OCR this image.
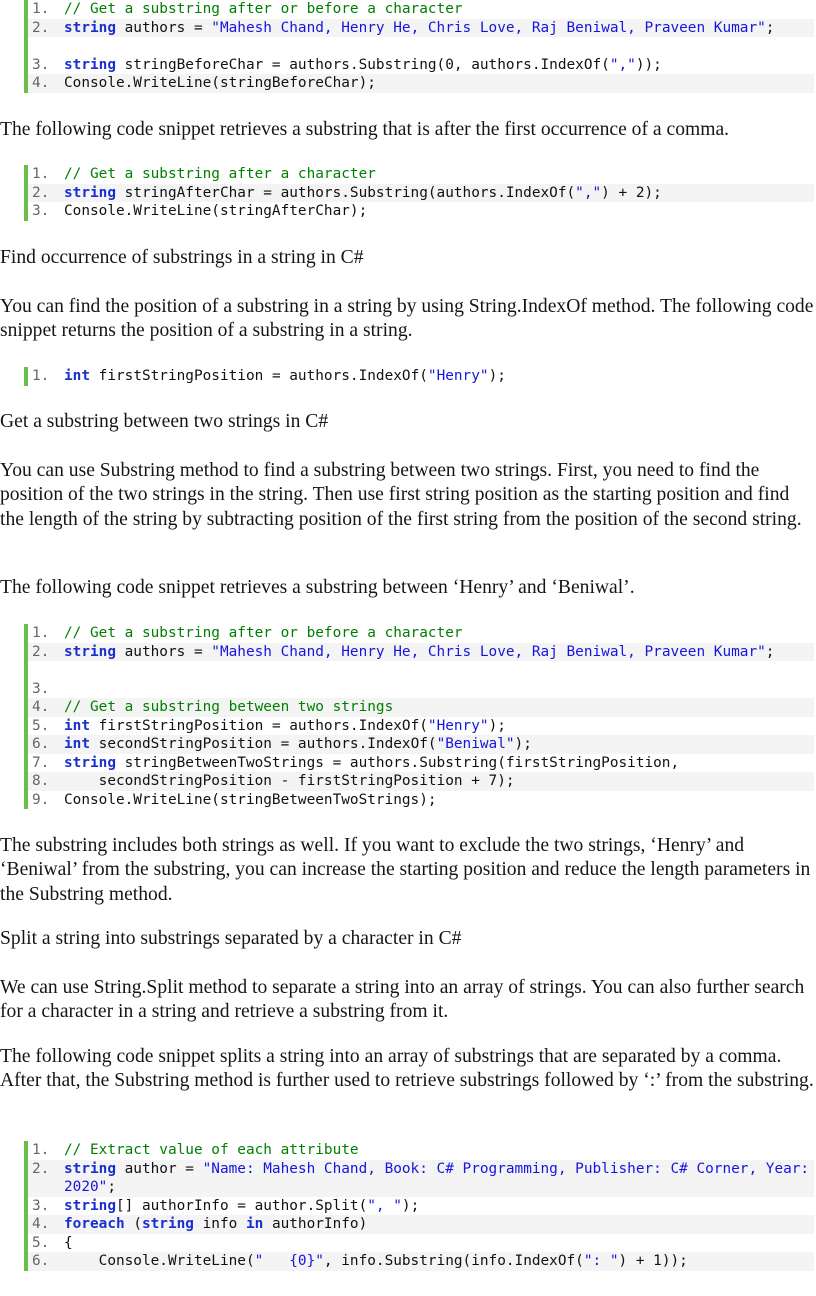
1.	// Get a substring after or before a character
2.	string authors = "Mahesh Chand, Henry He, Chris Love, Raj Beniwal, Praveen Kumar";
3.	string stringBeforeChar = authors.Substring(0, authors.IndexOf(","));
4.	Console.WriteLine(stringBeforeChar);

The following code snippet retrieves a substring that is after the first occurrence of a comma.

1.	// Get a substring after a character
2.	string stringAfterChar = authors.Substring(authors.IndexOf(",") + 2);
3.	Console.WriteLine(stringAfterChar);

Find occurrence of substrings in a string in C#

You can find the position of a substring in a string by using String.IndexOf method. The following code snippet returns the position of a substring in a string.

1.	int firstStringPosition = authors.IndexOf("Henry");

Get a substring between two strings in C#

You can use Substring method to find a substring between two strings. First, you need to find the position of the two strings in the string. Then use first string position as the starting position and find the length of the string by subtracting position of the first string from the position of the second string.

The following code snippet retrieves a substring between ‘Henry’ and ‘Beniwal’.

1.	// Get a substring after or before a character
2.	string authors = "Mahesh Chand, Henry He, Chris Love, Raj Beniwal, Praveen Kumar";
3.
4.	// Get a substring between two strings
5.	int firstStringPosition = authors.IndexOf("Henry");
6.	int secondStringPosition = authors.IndexOf("Beniwal");
7.	string stringBetweenTwoStrings = authors.Substring(firstStringPosition,
8.	secondStringPosition - firstStringPosition + 7);
9.	Console.WriteLine(stringBetweenTwoStrings);

The substring includes both strings as well. If you want to exclude the two strings, ‘Henry’ and ‘Beniwal’ from the substring, you can increase the starting position and reduce the length parameters in the Substring method.

Split a string into substrings separated by a character in C#

We can use String.Split method to separate a string into an array of strings. You can also further search for a character in a string and retrieve a substring from it.

The following code snippet splits a string into an array of substrings that are separated by a comma. After that, the Substring method is further used to retrieve substrings followed by ‘:’ from the substring.

1.	// Extract value of each attribute
2.	string author = "Name: Mahesh Chand, Book: C# Programming, Publisher: C# Corner, Year:
2020";
3.	string[] authorInfo = author.Split(", ");
4.	foreach (string info in authorInfo)
5.	{
6.	Console.WriteLine("   {0}", info.Substring(info.IndexOf(": ") + 1));
